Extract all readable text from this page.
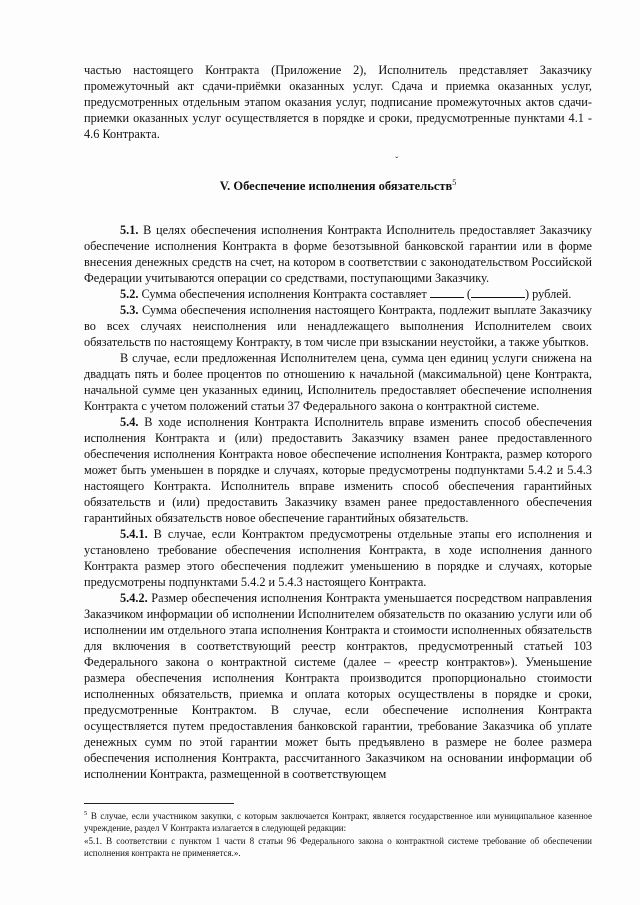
частью настоящего Контракта (Приложение 2), Исполнитель представляет Заказчику промежуточный акт сдачи-приёмки оказанных услуг. Сдача и приемка оказанных услуг, предусмотренных отдельным этапом оказания услуг, подписание промежуточных актов сдачи-приемки оказанных услуг осуществляется в порядке и сроки, предусмотренные пунктами 4.1 - 4.6 Контракта.

ˇ
V. Обеспечение исполнения обязательств$^5$

5.1. В целях обеспечения исполнения Контракта Исполнитель предоставляет Заказчику обеспечение исполнения Контракта в форме безотзывной банковской гарантии или в форме внесения денежных средств на счет, на котором в соответствии с законодательством Российской Федерации учитываются операции со средствами, поступающими Заказчику.

5.2. Сумма обеспечения исполнения Контракта составляет	(	) рублей.

5.3. Сумма обеспечения исполнения настоящего Контракта, подлежит выплате Заказчику во всех случаях неисполнения или ненадлежащего выполнения Исполнителем своих обязательств по настоящему Контракту, в том числе при взыскании неустойки, а также убытков.

В случае, если предложенная Исполнителем цена, сумма цен единиц услуги снижена на двадцать пять и более процентов по отношению к начальной (максимальной) цене Контракта, начальной сумме цен указанных единиц, Исполнитель предоставляет обеспечение исполнения Контракта с учетом положений статьи 37 Федерального закона о контрактной системе.

5.4. В ходе исполнения Контракта Исполнитель вправе изменить способ обеспечения исполнения Контракта и (или) предоставить Заказчику взамен ранее предоставленного обеспечения исполнения Контракта новое обеспечение исполнения Контракта, размер которого может быть уменьшен в порядке и случаях, которые предусмотрены подпунктами 5.4.2 и 5.4.3 настоящего Контракта. Исполнитель вправе изменить способ обеспечения гарантийных обязательств и (или) предоставить Заказчику взамен ранее предоставленного обеспечения гарантийных обязательств новое обеспечение гарантийных обязательств.

5.4.1. В случае, если Контрактом предусмотрены отдельные этапы его исполнения и установлено требование обеспечения исполнения Контракта, в ходе исполнения данного Контракта размер этого обеспечения подлежит уменьшению в порядке и случаях, которые предусмотрены подпунктами 5.4.2 и 5.4.3 настоящего Контракта.

5.4.2. Размер обеспечения исполнения Контракта уменьшается посредством направления Заказчиком информации об исполнении Исполнителем обязательств по оказанию услуги или об исполнении им отдельного этапа исполнения Контракта и стоимости исполненных обязательств для включения в соответствующий реестр контрактов, предусмотренный статьей 103 Федерального закона о контрактной системе (далее – «реестр контрактов»). Уменьшение размера обеспечения исполнения Контракта производится пропорционально стоимости исполненных обязательств, приемка и оплата которых осуществлены в порядке и сроки, предусмотренные Контрактом. В случае, если обеспечение исполнения Контракта осуществляется путем предоставления банковской гарантии, требование Заказчика об уплате денежных сумм по этой гарантии может быть предъявлено в размере не более размера обеспечения исполнения Контракта, рассчитанного Заказчиком на основании информации об исполнении Контракта, размещенной в соответствующем

$^5$ В случае, если участником закупки, с которым заключается Контракт, является государственное или муниципальное казенное учреждение, раздел V Контракта излагается в следующей редакции:

«5.1. В соответствии с пунктом 1 части 8 статьи 96 Федерального закона о контрактной системе требование об обеспечении исполнения контракта не применяется.».
